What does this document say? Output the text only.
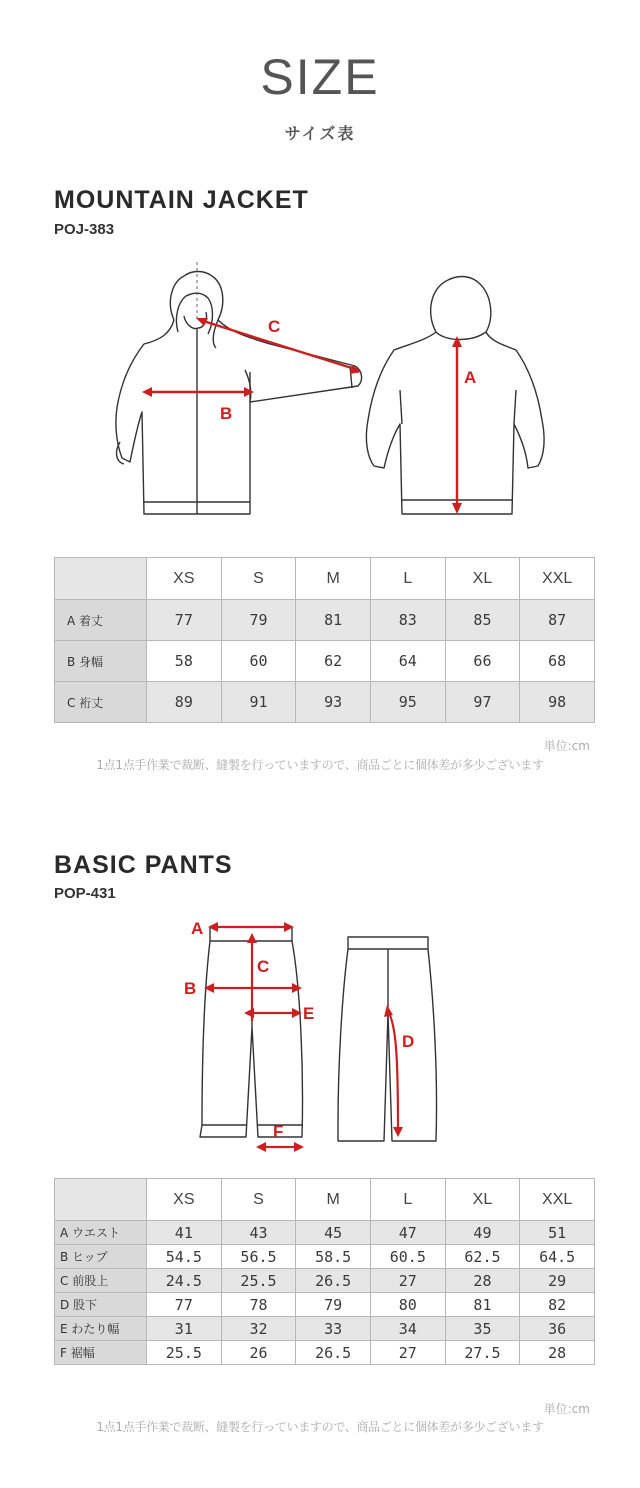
SIZE
サイズ表
MOUNTAIN JACKET
POJ-383
C
B
A
	XS	S	M	L	XL	XXL
A 着丈	77	79	81	83	85	87
B 身幅	58	60	62	64	66	68
C 裄丈	89	91	93	95	97	98
単位:cm
1点1点手作業で裁断、縫製を行っていますので、商品ごとに個体差が多少ございます
BASIC PANTS
POP-431
A
C
B
E
F
D
	XS	S	M	L	XL	XXL
A ウエスト	41	43	45	47	49	51
B ヒップ	54.5	56.5	58.5	60.5	62.5	64.5
C 前股上	24.5	25.5	26.5	27	28	29
D 股下	77	78	79	80	81	82
E わたり幅	31	32	33	34	35	36
F 裾幅	25.5	26	26.5	27	27.5	28
単位:cm
1点1点手作業で裁断、縫製を行っていますので、商品ごとに個体差が多少ございます
